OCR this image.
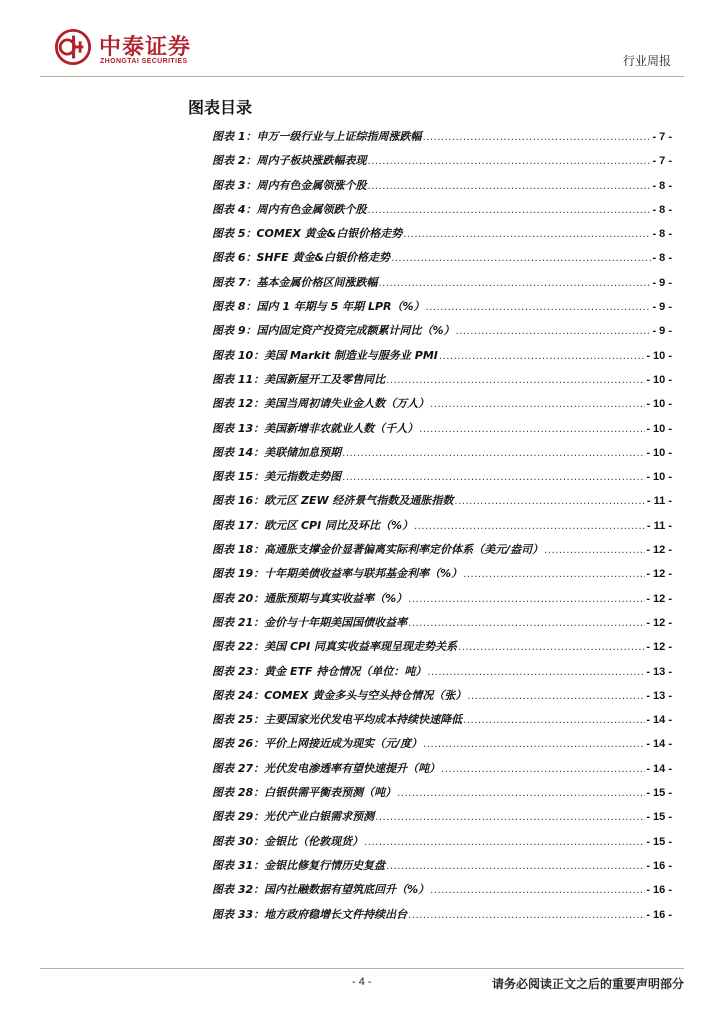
中泰证券
ZHONGTAI SECURITIES	行业周报
图表目录
图表 1：申万一级行业与上证综指周涨跌幅 .....	- 7 -
图表 2：周内子板块涨跌幅表现 .....	- 7 -
图表 3：周内有色金属领涨个股 .....	- 8 -
图表 4：周内有色金属领跌个股 .....	- 8 -
图表 5：COMEX 黄金&白银价格走势 .....	- 8 -
图表 6：SHFE 黄金&白银价格走势 .....	- 8 -
图表 7：基本金属价格区间涨跌幅 .....	- 9 -
图表 8：国内 1 年期与 5 年期 LPR（%） .....	- 9 -
图表 9：国内固定资产投资完成额累计同比（%） .....	- 9 -
图表 10：美国 Markit 制造业与服务业 PMI .....	- 10 -
图表 11：美国新屋开工及零售同比 .....	- 10 -
图表 12：美国当周初请失业金人数（万人） .....	- 10 -
图表 13：美国新增非农就业人数（千人） .....	- 10 -
图表 14：美联储加息预期 .....	- 10 -
图表 15：美元指数走势图 .....	- 10 -
图表 16：欧元区 ZEW 经济景气指数及通胀指数 .....	- 11 -
图表 17：欧元区 CPI 同比及环比（%） .....	- 11 -
图表 18：高通胀支撑金价显著偏离实际利率定价体系（美元/盎司） .....	- 12 -
图表 19：十年期美债收益率与联邦基金利率（%） .....	- 12 -
图表 20：通胀预期与真实收益率（%） .....	- 12 -
图表 21：金价与十年期美国国债收益率 .....	- 12 -
图表 22：美国 CPI 同真实收益率现呈现走势关系 .....	- 12 -
图表 23：黄金 ETF 持仓情况（单位：吨） .....	- 13 -
图表 24：COMEX 黄金多头与空头持仓情况（张） .....	- 13 -
图表 25：主要国家光伏发电平均成本持续快速降低 .....	- 14 -
图表 26：平价上网接近成为现实（元/度） .....	- 14 -
图表 27：光伏发电渗透率有望快速提升（吨） .....	- 14 -
图表 28：白银供需平衡表预测（吨） .....	- 15 -
图表 29：光伏产业白银需求预测 .....	- 15 -
图表 30：金银比（伦敦现货） .....	- 15 -
图表 31：金银比修复行情历史复盘 .....	- 16 -
图表 32：国内社融数据有望筑底回升（%） .....	- 16 -
图表 33：地方政府稳增长文件持续出台 .....	- 16 -
- 4 -	请务必阅读正文之后的重要声明部分
